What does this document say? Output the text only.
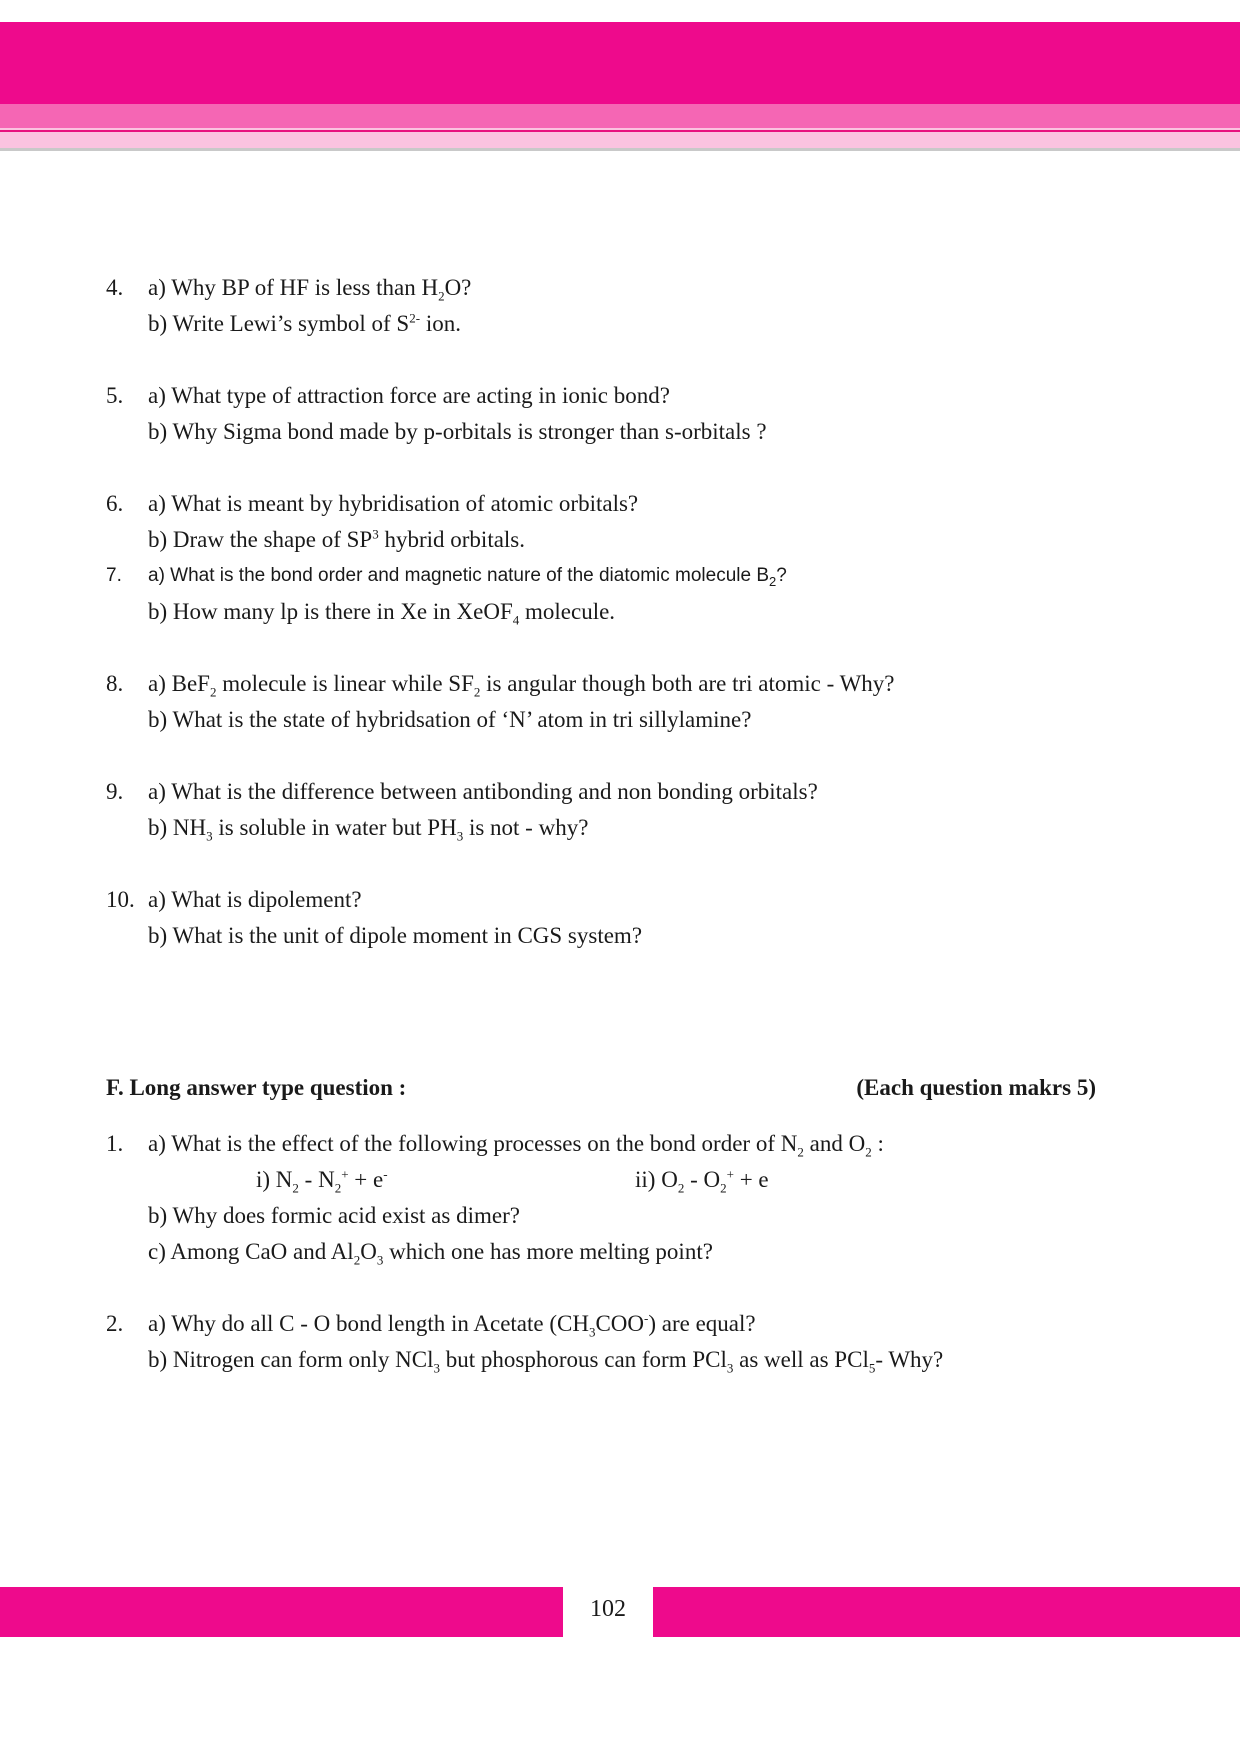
4. a) Why BP of HF is less than $H_2O$?
b) Write Lewi’s symbol of $S^{2-}$ ion.
5. a) What type of attraction force are acting in ionic bond?
b) Why Sigma bond made by p-orbitals is stronger than s-orbitals ?
6. a) What is meant by hybridisation of atomic orbitals?
b) Draw the shape of $SP^3$ hybrid orbitals.
7. a) What is the bond order and magnetic nature of the diatomic molecule $B_2$?
b) How many lp is there in Xe in XeOF$_4$ molecule.
8. a) BeF$_2$ molecule is linear while $SF_2$ is angular though both are tri atomic - Why?
b) What is the state of hybridsation of ‘N’ atom in tri sillylamine?
9. a) What is the difference between antibonding and non bonding orbitals?
b) $NH_3$ is soluble in water but $PH_3$ is not - why?
10. a) What is dipolement?
b) What is the unit of dipole moment in CGS system?
F. Long answer type question :	(Each question makrs 5)
1. a) What is the effect of the following processes on the bond order of $N_2$ and $O_2$ :
i) $N_2 - N_2^+ + e^-$	ii) $O_2 - O_2^+ + e$
b) Why does formic acid exist as dimer?
c) Among CaO and $Al_2O_3$ which one has more melting point?
2. a) Why do all C - O bond length in Acetate $(CH_3COO^-)$ are equal?
b) Nitrogen can form only NCl$_3$ but phosphorous can form PCl$_3$ as well as PCl$_5$- Why?
102
